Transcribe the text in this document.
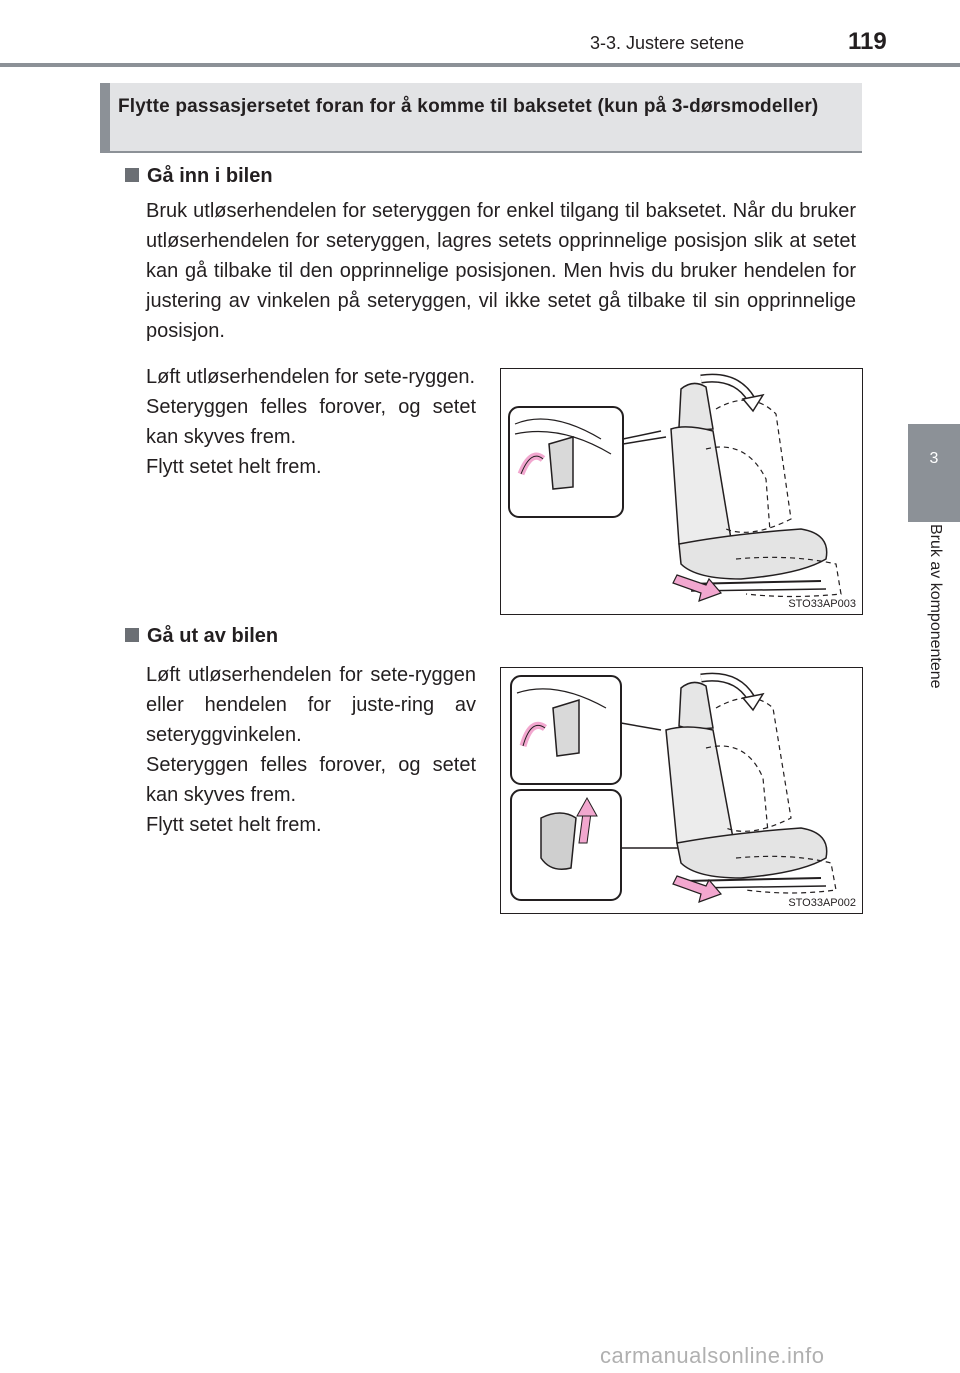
3-3. Justere setene	119
3
Bruk av komponentene
Flytte passasjersetet foran for å komme til baksetet (kun på 3-dørsmodeller)
Gå inn i bilen
Bruk utløserhendelen for seteryggen for enkel tilgang til baksetet. Når du bruker utløserhendelen for seteryggen, lagres setets opprinnelige posisjon slik at setet kan gå tilbake til den opprinnelige posisjonen. Men hvis du bruker hendelen for justering av vinkelen på seteryggen, vil ikke setet gå tilbake til sin opprinnelige posisjon.

Løft utløserhendelen for sete-ryggen.

Seteryggen felles forover, og setet kan skyves frem.

Flytt setet helt frem.

STO33AP003
Gå ut av bilen

Løft utløserhendelen for sete-ryggen eller hendelen for juste-ring av seteryggvinkelen.

Seteryggen felles forover, og setet kan skyves frem.

Flytt setet helt frem.

STO33AP002
carmanualsonline.info
